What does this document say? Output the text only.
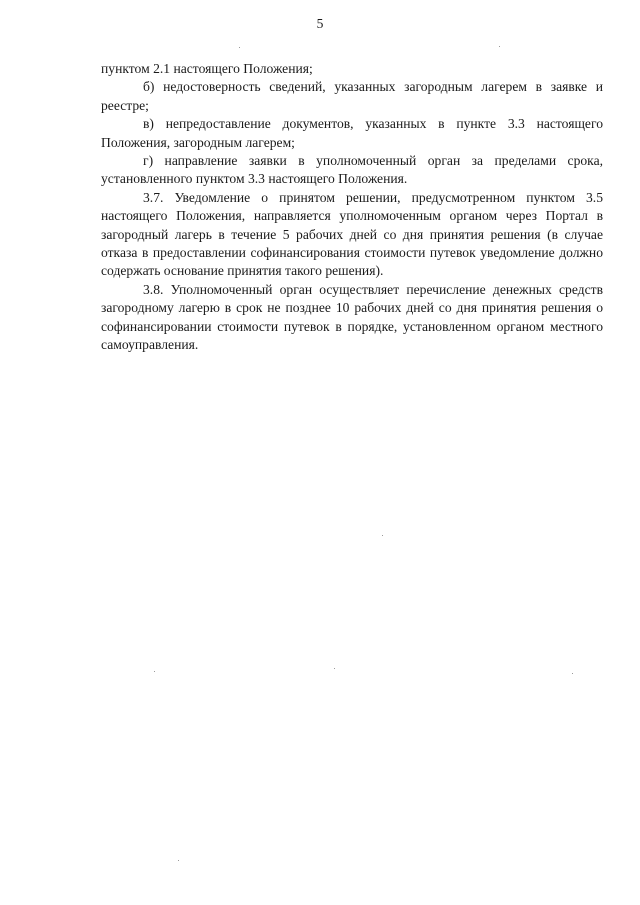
5

пунктом 2.1 настоящего Положения;

б) недостоверность сведений, указанных загородным лагерем в заявке и реестре;

в) непредоставление документов, указанных в пункте 3.3 настоящего Положения, загородным лагерем;

г) направление заявки в уполномоченный орган за пределами срока, установленного пунктом 3.3 настоящего Положения.

3.7. Уведомление о принятом решении, предусмотренном пунктом 3.5 настоящего Положения, направляется уполномоченным органом через Портал в загородный лагерь в течение 5 рабочих дней со дня принятия решения (в случае отказа в предоставлении софинансирования стоимости путевок уведомление должно содержать основание принятия такого решения).

3.8. Уполномоченный орган осуществляет перечисление денежных средств загородному лагерю в срок не позднее 10 рабочих дней со дня принятия решения о софинансировании стоимости путевок в порядке, установленном органом местного самоуправления.
